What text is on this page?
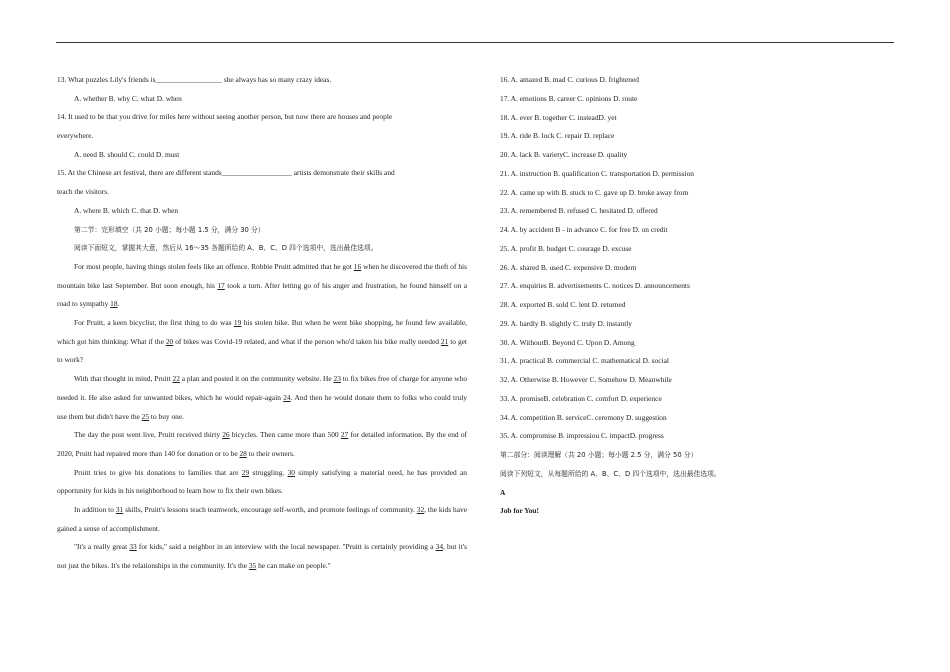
13. What puzzles Lily's friends is__________________ she always has so many crazy ideas.
A. whether B. why C. what D. when
14. It used to be that you drive for miles here without seeing another person, but now there are houses and people
everywhere.
A. need B. should C. could D. must
15. At the Chinese art festival, there are different stands___________________ artists demonstrate their skills and
teach the visitors.
A. where B. which C. that D. when
第二节：完形填空（共 20 小题；每小题 1.5 分，满分 30 分）
阅读下面短文，掌握其大意，然后从 16～35 各题所给的 A、B、C、D 四个选项中，选出最佳选项。
For most people, having things stolen feels like an offence. Robbie Pruitt admitted that he got 16 when he discovered the theft of his mountain bike last September. But soon enough, his 17 took a turn. After letting go of his anger and frustration, he found himself on a road to sympathy 18.
For Pruitt, a keen bicyclist, the first thing to do was 19 his stolen bike. But when he went bike shopping, he found few available, which got him thinking: What if the 20 of bikes was Covid-19 related, and what if the person who'd taken his bike really needed 21 to get to work?
With that thought in mind, Pruitt 22 a plan and posted it on the community website. He 23 to fix bikes free of charge for anyone who needed it. He also asked for unwanted bikes, which he would repair-again 24. And then he would donate them to folks who could truly use them but didn't have the 25 to buy one.
The day the post went live, Pruitt received thirty 26 bicycles. Then came more than 500 27 for detailed information. By the end of 2020, Pruitt had repaired more than 140 for donation or to be 28 to their owners.
Pruitt tries to give his donations to families that are 29 struggling. 30 simply satisfying a material need, he has provided an opportunity for kids in his neighborhood to learn how to fix their own bikes.
In addition to 31 skills, Pruitt's lessons teach teamwork, encourage self-worth, and promote feelings of community. 32, the kids have gained a sense of accomplishment.
"It's a really great 33 for kids," said a neighbor in an interview with the local newspaper. "Pruitt is certainly providing a 34, but it's not just the bikes. It's the relationships in the community. It's the 35 he can make on people."
16. A. amazed B. mad C. curious D. frightened
17. A. emotions B. career C. opinions D. route
18. A. ever B. together C. insteadD. yet
19. A. ride B. lock C. repair D. replace
20. A. lack B. varietyC. increase D. quality
21. A. instruction B. qualification C. transportation D. permission
22. A. came up with B. stuck to C. gave up D. broke away from
23. A. remembered B. refused C. hesitated D. offered
24. A. by accident B - in advance C. for free D. on credit
25. A. profit B. budget C. courage D. excuse
26. A. shared B. used C. expensive D. modern
27. A. enquiries B. advertisements C. notices D. announcements
28. A. exported B. sold C. lent D. returned
29. A. hardly B. slightly C. truly D. instantly
30. A. WithoutB. Beyond C. Upon D. Among
31. A. practical B. commercial C. mathematical D. social
32. A. Otherwise B. However C. Somehow D. Meanwhile
33. A. promiseB. celebration C. comfort D. experience
34. A. competition B. serviceC. ceremony D. suggestion
35. A. compromise B. impressiou C. impactD. progress
第二部分：阅读理解（共 20 小题；每小题 2.5 分，满分 50 分）
阅读下列短文，从每题所给的 A、B、C、D 四个选项中，选出最佳选项。
A
Job for You!
